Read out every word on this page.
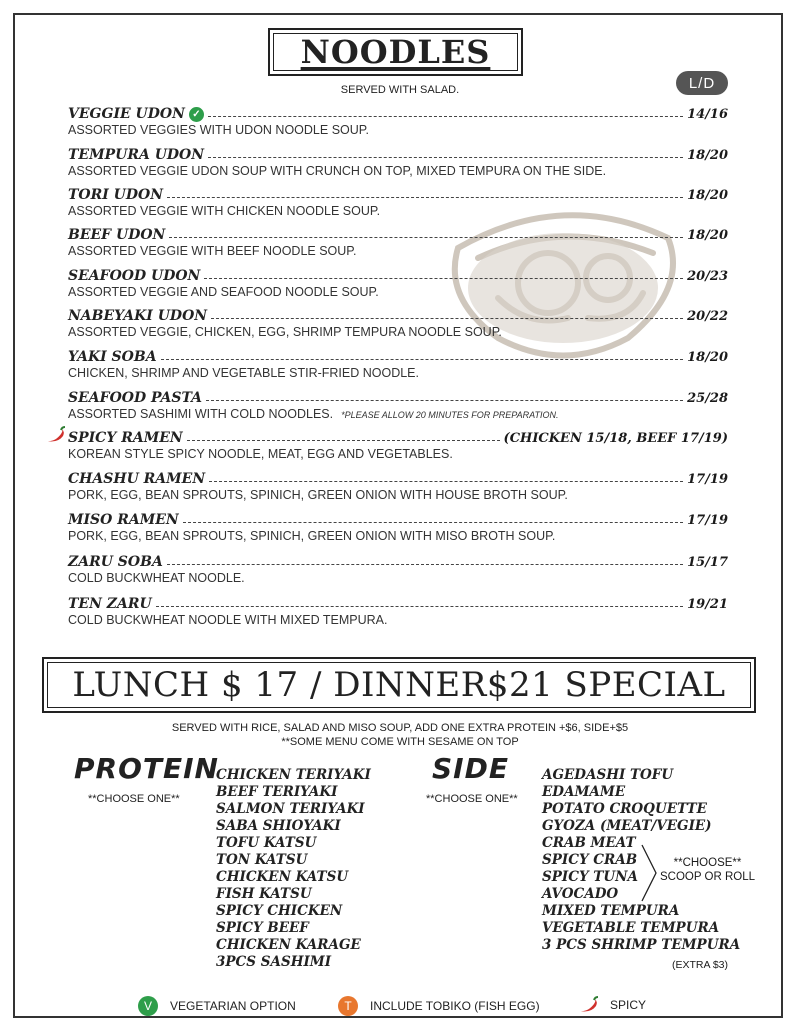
NOODLES
SERVED WITH SALAD.	L/D
VEGGIE UDON ✓	14/16
ASSORTED VEGGIES WITH UDON NOODLE SOUP.
TEMPURA UDON	18/20
ASSORTED VEGGIE UDON SOUP WITH CRUNCH ON TOP, MIXED TEMPURA ON THE SIDE.
TORI UDON	18/20
ASSORTED VEGGIE WITH CHICKEN NOODLE SOUP.
BEEF UDON	18/20
ASSORTED VEGGIE WITH BEEF NOODLE SOUP.
SEAFOOD UDON	20/23
ASSORTED VEGGIE AND SEAFOOD NOODLE SOUP.
NABEYAKI UDON	20/22
ASSORTED VEGGIE, CHICKEN, EGG, SHRIMP TEMPURA NOODLE SOUP.
YAKI SOBA	18/20
CHICKEN, SHRIMP AND VEGETABLE STIR-FRIED NOODLE.
SEAFOOD PASTA	25/28
ASSORTED SASHIMI WITH COLD NOODLES. *PLEASE ALLOW 20 MINUTES FOR PREPARATION.
SPICY RAMEN	(CHICKEN 15/18, BEEF 17/19)
KOREAN STYLE SPICY NOODLE, MEAT, EGG AND VEGETABLES.
CHASHU RAMEN	17/19
PORK, EGG, BEAN SPROUTS, SPINICH, GREEN ONION WITH HOUSE BROTH SOUP.
MISO RAMEN	17/19
PORK, EGG, BEAN SPROUTS, SPINICH, GREEN ONION WITH MISO BROTH SOUP.
ZARU SOBA	15/17
COLD BUCKWHEAT NOODLE.
TEN ZARU	19/21
COLD BUCKWHEAT NOODLE WITH MIXED TEMPURA.
LUNCH $ 17 / DINNER$21 SPECIAL
SERVED WITH RICE, SALAD AND MISO SOUP, ADD ONE EXTRA PROTEIN +$6, SIDE+$5
**SOME MENU COME WITH SESAME ON TOP
PROTEIN
**CHOOSE ONE**
CHICKEN TERIYAKI
BEEF TERIYAKI
SALMON TERIYAKI
SABA SHIOYAKI
TOFU KATSU
TON KATSU
CHICKEN KATSU
FISH KATSU
SPICY CHICKEN
SPICY BEEF
CHICKEN KARAGE
3PCS SASHIMI
SIDE
**CHOOSE ONE**
AGEDASHI TOFU
EDAMAME
POTATO CROQUETTE
GYOZA (MEAT/VEGIE)
CRAB MEAT
SPICY CRAB
SPICY TUNA
AVOCADO
MIXED TEMPURA
VEGETABLE TEMPURA
3 PCS SHRIMP TEMPURA
**CHOOSE**
SCOOP OR ROLL
(EXTRA $3)
V	VEGETARIAN OPTION	T	INCLUDE TOBIKO (FISH EGG)	SPICY
